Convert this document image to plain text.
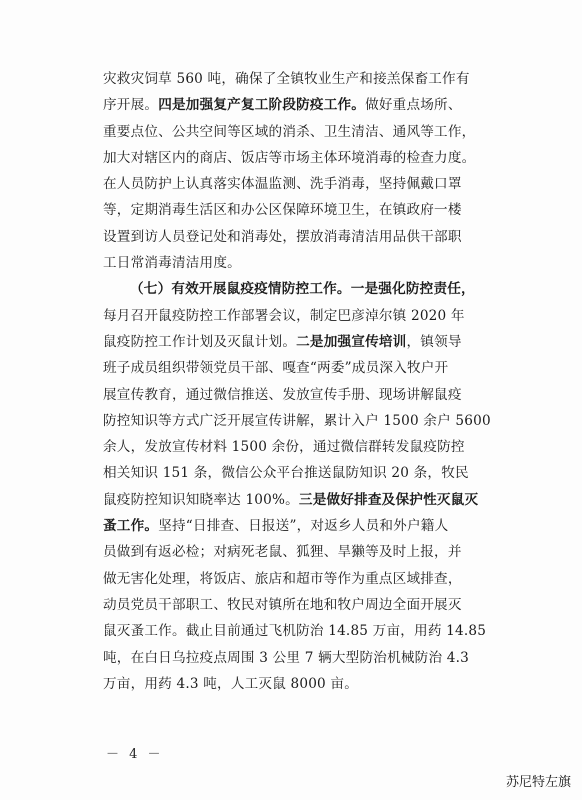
灾救灾饲草 560 吨，确保了全镇牧业生产和接羔保畜工作有
序开展。四是加强复产复工阶段防疫工作。做好重点场所、
重要点位、公共空间等区域的消杀、卫生清洁、通风等工作，
加大对辖区内的商店、饭店等市场主体环境消毒的检查力度。
在人员防护上认真落实体温监测、洗手消毒，坚持佩戴口罩
等，定期消毒生活区和办公区保障环境卫生，在镇政府一楼
设置到访人员登记处和消毒处，摆放消毒清洁用品供干部职
工日常消毒清洁用度。
（七）有效开展鼠疫疫情防控工作。一是强化防控责任，
每月召开鼠疫防控工作部署会议，制定巴彦淖尔镇 2020 年
鼠疫防控工作计划及灭鼠计划。二是加强宣传培训，镇领导
班子成员组织带领党员干部、嘎查“两委”成员深入牧户开
展宣传教育，通过微信推送、发放宣传手册、现场讲解鼠疫
防控知识等方式广泛开展宣传讲解，累计入户 1500 余户 5600
余人，发放宣传材料 1500 余份，通过微信群转发鼠疫防控
相关知识 151 条，微信公众平台推送鼠防知识 20 条，牧民
鼠疫防控知识知晓率达 100%。三是做好排查及保护性灭鼠灭
蚤工作。坚持“日排查、日报送”，对返乡人员和外户籍人
员做到有返必检；对病死老鼠、狐狸、旱獭等及时上报，并
做无害化处理，将饭店、旅店和超市等作为重点区域排查，
动员党员干部职工、牧民对镇所在地和牧户周边全面开展灭
鼠灭蚤工作。截止目前通过飞机防治 14.85 万亩，用药 14.85
吨，在白日乌拉疫点周围 3 公里 7 辆大型防治机械防治 4.3
万亩，用药 4.3 吨，人工灭鼠 8000 亩。
－ 4 －
苏尼特左旗
